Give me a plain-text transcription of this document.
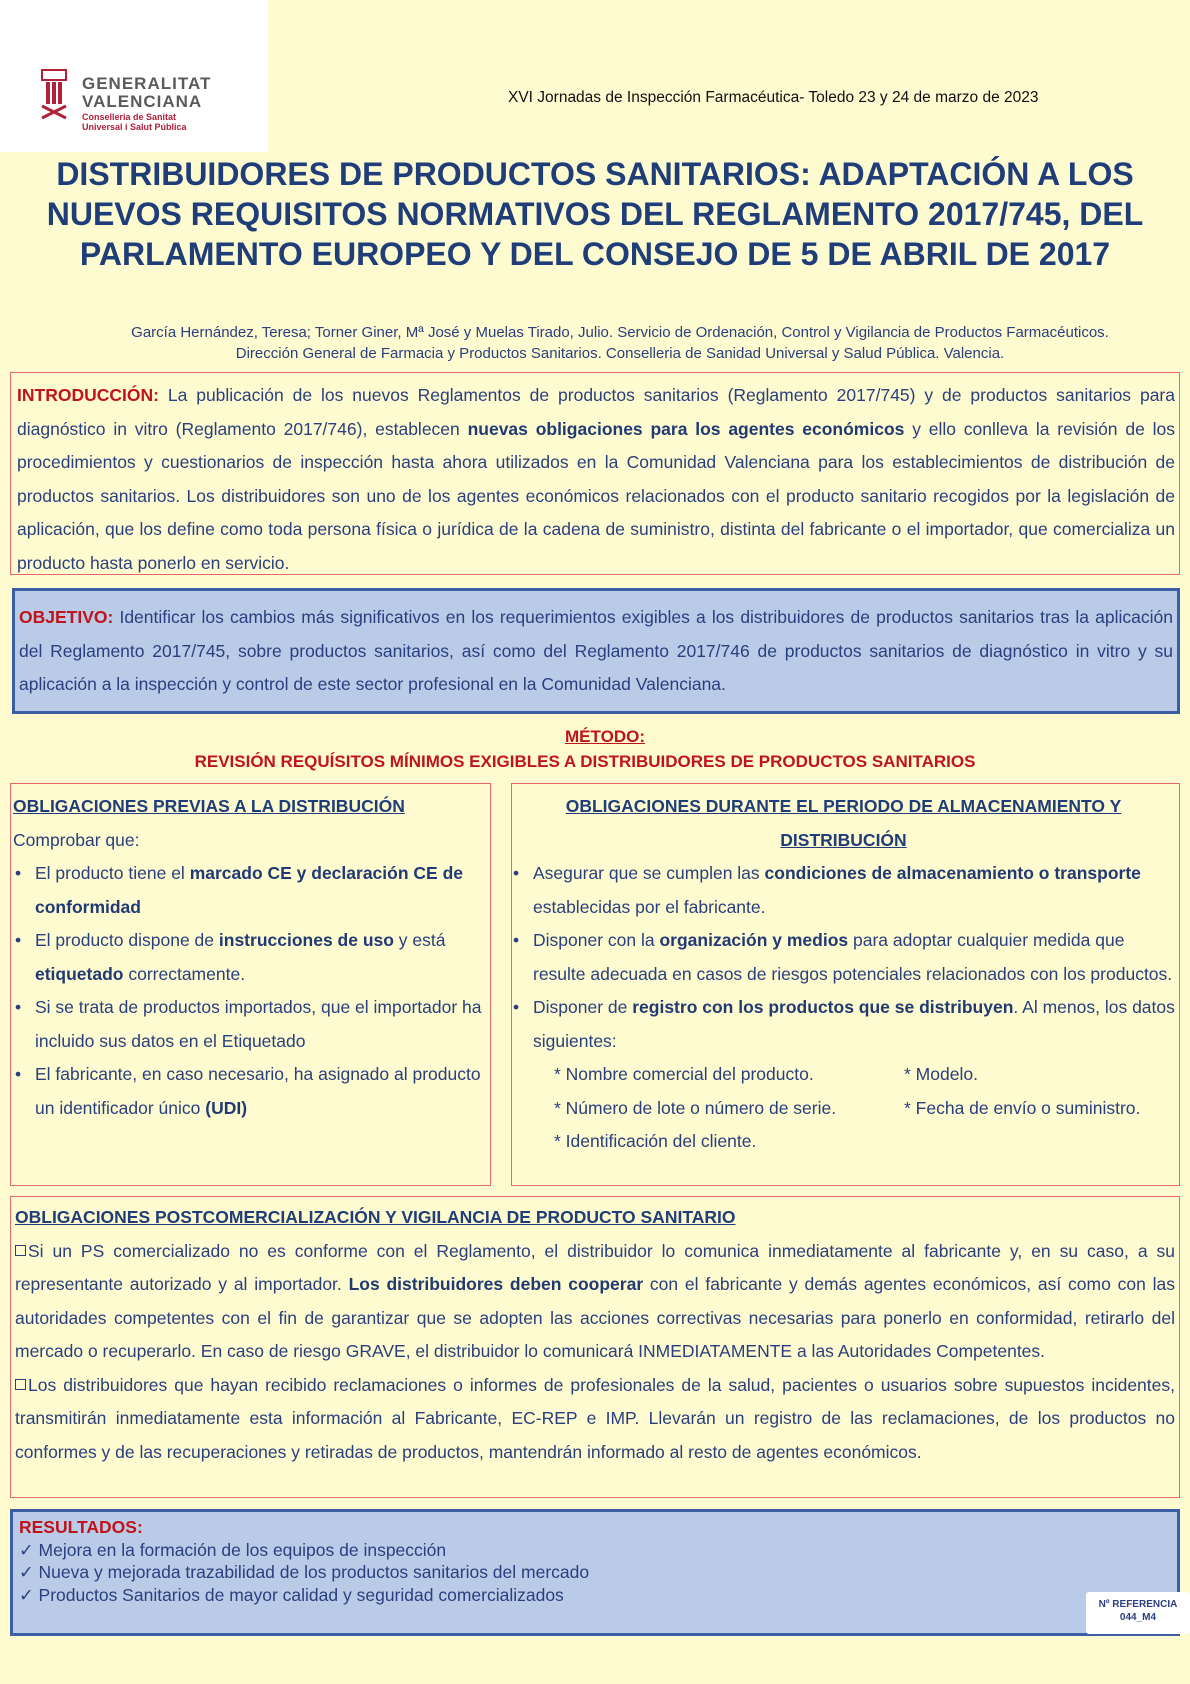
GENERALITAT
VALENCIANA
Conselleria de Sanitat
Universal i Salut Pública
XVI Jornadas de Inspección Farmacéutica- Toledo 23 y 24 de marzo de 2023
DISTRIBUIDORES DE PRODUCTOS SANITARIOS: ADAPTACIÓN A LOS NUEVOS REQUISITOS NORMATIVOS DEL REGLAMENTO 2017/745, DEL PARLAMENTO EUROPEO Y DEL CONSEJO DE 5 DE ABRIL DE 2017
García Hernández, Teresa; Torner Giner, Mª José y Muelas Tirado, Julio. Servicio de Ordenación, Control y Vigilancia de Productos Farmacéuticos.
Dirección General de Farmacia y Productos Sanitarios. Conselleria de Sanidad Universal y Salud Pública. Valencia.
INTRODUCCIÓN: La publicación de los nuevos Reglamentos de productos sanitarios (Reglamento 2017/745) y de productos sanitarios para diagnóstico in vitro (Reglamento 2017/746), establecen nuevas obligaciones para los agentes económicos y ello conlleva la revisión de los procedimientos y cuestionarios de inspección hasta ahora utilizados en la Comunidad Valenciana para los establecimientos de distribución de productos sanitarios. Los distribuidores son uno de los agentes económicos relacionados con el producto sanitario recogidos por la legislación de aplicación, que los define como toda persona física o jurídica de la cadena de suministro, distinta del fabricante o el importador, que comercializa un producto hasta ponerlo en servicio.
OBJETIVO: Identificar los cambios más significativos en los requerimientos exigibles a los distribuidores de productos sanitarios tras la aplicación del Reglamento 2017/745, sobre productos sanitarios, así como del Reglamento 2017/746 de productos sanitarios de diagnóstico in vitro y su aplicación a la inspección y control de este sector profesional en la Comunidad Valenciana.
MÉTODO:
REVISIÓN REQUÍSITOS MÍNIMOS EXIGIBLES A DISTRIBUIDORES DE PRODUCTOS SANITARIOS
OBLIGACIONES PREVIAS A LA DISTRIBUCIÓN
Comprobar que:
• El producto tiene el marcado CE y declaración CE de conformidad
• El producto dispone de instrucciones de uso y está etiquetado correctamente.
• Si se trata de productos importados, que el importador ha incluido sus datos en el Etiquetado
• El fabricante, en caso necesario, ha asignado al producto un identificador único (UDI)
OBLIGACIONES DURANTE EL PERIODO DE ALMACENAMIENTO Y DISTRIBUCIÓN
• Asegurar que se cumplen las condiciones de almacenamiento o transporte establecidas por el fabricante.
• Disponer con la organización y medios para adoptar cualquier medida que resulte adecuada en casos de riesgos potenciales relacionados con los productos.
• Disponer de registro con los productos que se distribuyen. Al menos, los datos siguientes:
* Nombre comercial del producto.	* Modelo.
* Número de lote o número de serie.	* Fecha de envío o suministro.
* Identificación del cliente.
OBLIGACIONES POSTCOMERCIALIZACIÓN Y VIGILANCIA DE PRODUCTO SANITARIO
Si un PS comercializado no es conforme con el Reglamento, el distribuidor lo comunica inmediatamente al fabricante y, en su caso, a su representante autorizado y al importador. Los distribuidores deben cooperar con el fabricante y demás agentes económicos, así como con las autoridades competentes con el fin de garantizar que se adopten las acciones correctivas necesarias para ponerlo en conformidad, retirarlo del mercado o recuperarlo. En caso de riesgo GRAVE, el distribuidor lo comunicará INMEDIATAMENTE a las Autoridades Competentes.
Los distribuidores que hayan recibido reclamaciones o informes de profesionales de la salud, pacientes o usuarios sobre supuestos incidentes, transmitirán inmediatamente esta información al Fabricante, EC-REP e IMP. Llevarán un registro de las reclamaciones, de los productos no conformes y de las recuperaciones y retiradas de productos, mantendrán informado al resto de agentes económicos.
RESULTADOS:
✓ Mejora en la formación de los equipos de inspección
✓ Nueva y mejorada trazabilidad de los productos sanitarios del mercado
✓ Productos Sanitarios de mayor calidad y seguridad comercializados	Nº REFERENCIA
044_M4
